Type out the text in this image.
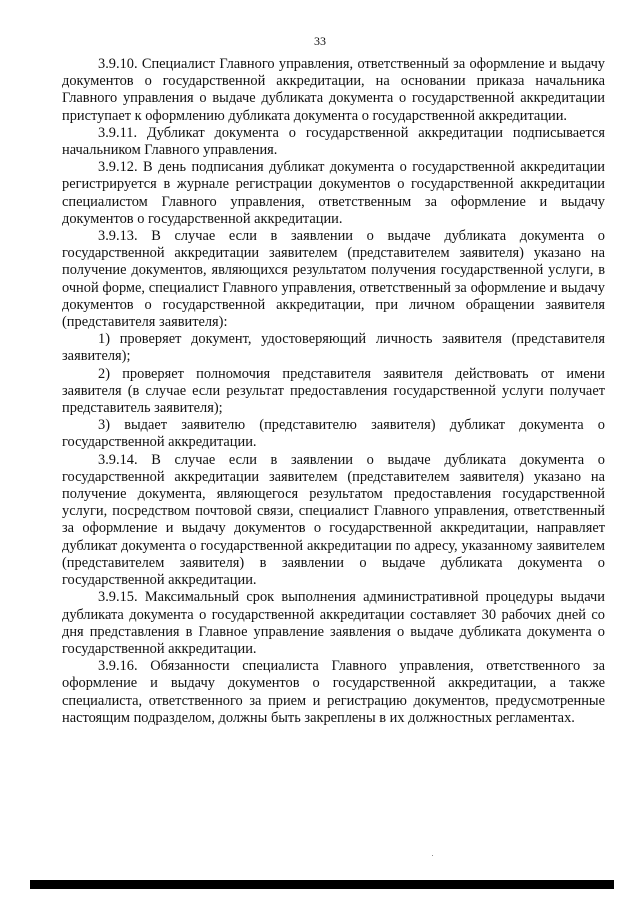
33

3.9.10. Специалист Главного управления, ответственный за оформление и выдачу документов о государственной аккредитации, на основании приказа начальника Главного управления о выдаче дубликата документа о государственной аккредитации приступает к оформлению дубликата документа о государственной аккредитации.

3.9.11. Дубликат документа о государственной аккредитации подписывается начальником Главного управления.

3.9.12. В день подписания дубликат документа о государственной аккредитации регистрируется в журнале регистрации документов о государственной аккредитации специалистом Главного управления, ответственным за оформление и выдачу документов о государственной аккредитации.

3.9.13. В случае если в заявлении о выдаче дубликата документа о государственной аккредитации заявителем (представителем заявителя) указано на получение документов, являющихся результатом получения государственной услуги, в очной форме, специалист Главного управления, ответственный за оформление и выдачу документов о государственной аккредитации, при личном обращении заявителя (представителя заявителя):

1) проверяет документ, удостоверяющий личность заявителя (представителя заявителя);

2) проверяет полномочия представителя заявителя действовать от имени заявителя (в случае если результат предоставления государственной услуги получает представитель заявителя);

3) выдает заявителю (представителю заявителя) дубликат документа о государственной аккредитации.

3.9.14. В случае если в заявлении о выдаче дубликата документа о государственной аккредитации заявителем (представителем заявителя) указано на получение документа, являющегося результатом предоставления государственной услуги, посредством почтовой связи, специалист Главного управления, ответственный за оформление и выдачу документов о государственной аккредитации, направляет дубликат документа о государственной аккредитации по адресу, указанному заявителем (представителем заявителя) в заявлении о выдаче дубликата документа о государственной аккредитации.

3.9.15. Максимальный срок выполнения административной процедуры выдачи дубликата документа о государственной аккредитации составляет 30 рабочих дней со дня представления в Главное управление заявления о выдаче дубликата документа о государственной аккредитации.

3.9.16. Обязанности специалиста Главного управления, ответственного за оформление и выдачу документов о государственной аккредитации, а также специалиста, ответственного за прием и регистрацию документов, предусмотренные настоящим подразделом, должны быть закреплены в их должностных регламентах.
